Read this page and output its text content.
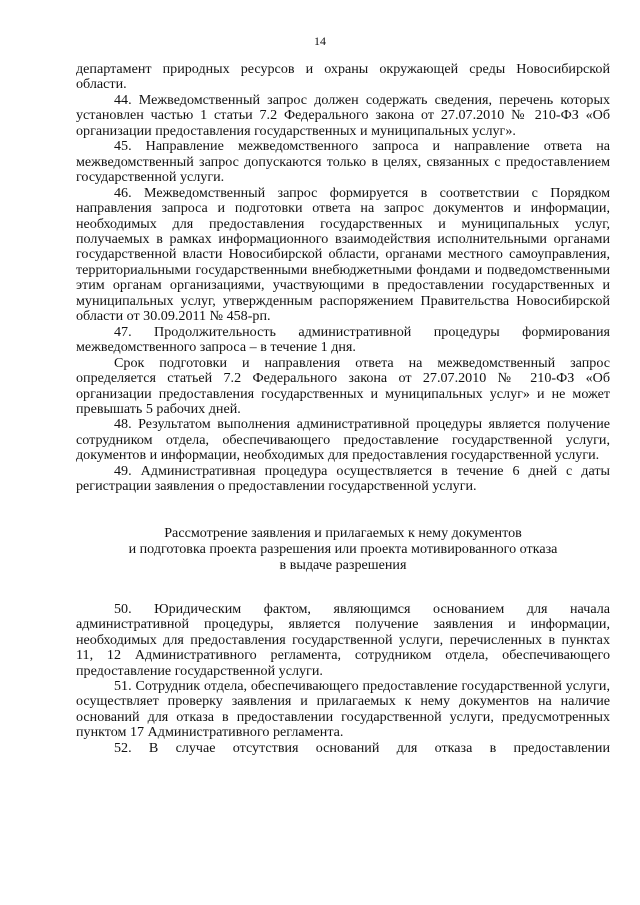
14

департамент природных ресурсов и охраны окружающей среды Новосибирской области.

44. Межведомственный запрос должен содержать сведения, перечень которых установлен частью 1 статьи 7.2 Федерального закона от 27.07.2010 № 210-ФЗ «Об организации предоставления государственных и муниципальных услуг».

45. Направление межведомственного запроса и направление ответа на межведомственный запрос допускаются только в целях, связанных с предоставлением государственной услуги.

46. Межведомственный запрос формируется в соответствии с Порядком направления запроса и подготовки ответа на запрос документов и информации, необходимых для предоставления государственных и муниципальных услуг, получаемых в рамках информационного взаимодействия исполнительными органами государственной власти Новосибирской области, органами местного самоуправления, территориальными государственными внебюджетными фондами и подведомственными этим органам организациями, участвующими в предоставлении государственных и муниципальных услуг, утвержденным распоряжением Правительства Новосибирской области от 30.09.2011 № 458-рп.

47. Продолжительность административной процедуры формирования межведомственного запроса – в течение 1 дня.

Срок подготовки и направления ответа на межведомственный запрос определяется статьей 7.2 Федерального закона от 27.07.2010 № 210-ФЗ «Об организации предоставления государственных и муниципальных услуг» и не может превышать 5 рабочих дней.

48. Результатом выполнения административной процедуры является получение сотрудником отдела, обеспечивающего предоставление государственной услуги, документов и информации, необходимых для предоставления государственной услуги.

49. Административная процедура осуществляется в течение 6 дней с даты регистрации заявления о предоставлении государственной услуги.

Рассмотрение заявления и прилагаемых к нему документов
и подготовка проекта разрешения или проекта мотивированного отказа
в выдаче разрешения

50. Юридическим фактом, являющимся основанием для начала административной процедуры, является получение заявления и информации, необходимых для предоставления государственной услуги, перечисленных в пунктах 11, 12 Административного регламента, сотрудником отдела, обеспечивающего предоставление государственной услуги.

51. Сотрудник отдела, обеспечивающего предоставление государственной услуги, осуществляет проверку заявления и прилагаемых к нему документов на наличие оснований для отказа в предоставлении государственной услуги, предусмотренных пунктом 17 Административного регламента.

52. В случае отсутствия оснований для отказа в предоставлении
